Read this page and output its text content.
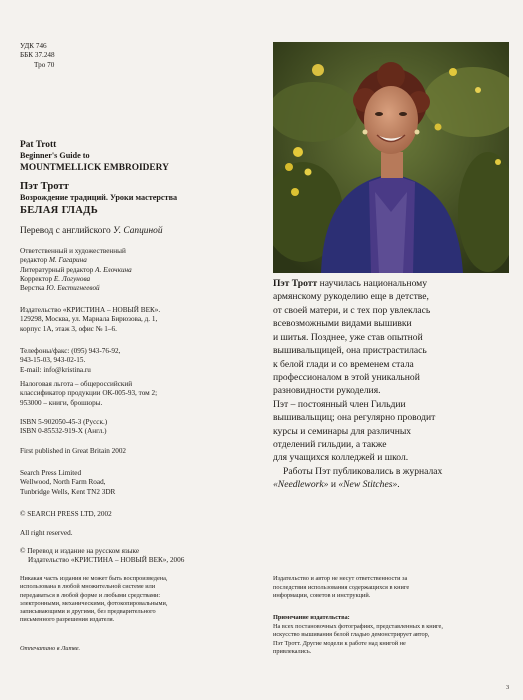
УДК 746
ББК 37.248
Тро 70
Pat Trott
Beginner's Guide to
MOUNTMELLICK EMBROIDERY
Пэт Тротт
Возрождение традиций. Уроки мастерства
БЕЛАЯ ГЛАДЬ
Перевод с английского У. Сапциной
Ответственный и художественный
редактор М. Гагарина
Литературный редактор А. Елочкина
Корректор Е. Логунова
Верстка Ю. Евстигнеевой
Издательство «КРИСТИНА – НОВЫЙ ВЕК».
129298, Москва, ул. Мариала Бирюзова, д. 1,
корпус 1А, этаж 3, офис № 1–6.
Телефоны/факс: (095) 943-76-92,
943-15-03, 943-02-15.
E-mail: info@kristina.ru
Налоговая льгота – общероссийский
классификатор продукции ОК-005-93, том 2;
953000 – книги, брошюры.
ISBN 5-902050-45-3 (Русск.)
ISBN 0-85532-919-X (Англ.)
First published in Great Britain 2002
Search Press Limited
Wellwood, North Farm Road,
Tunbridge Wells, Kent TN2 3DR
© SEARCH PRESS LTD, 2002
All right reserved.
© Перевод и издание на русском языке
Издательство «КРИСТИНА – НОВЫЙ ВЕК», 2006
Никакая часть издания не может быть воспроизведена,
использована в любой множительной системе или
передаваться в любой форме и любыми средствами:
электронными, механическими, фотокопировальными,
записывающими и другими, без предварительного
письменного разрешения издателя.
Отпечатано в Литве.
Пэт Тротт научилась национальному
армянскому рукоделию еще в детстве,
от своей матери, и с тех пор увлеклась
всевозможными видами вышивки
и шитья. Позднее, уже став опытной
вышивальщицей, она пристрастилась
к белой глади и со временем стала
профессионалом в этой уникальной
разновидности рукоделия.
Пэт – постоянный член Гильдии
вышивальщиц; она регулярно проводит
курсы и семинары для различных
отделений гильдии, а также
для учащихся колледжей и школ.
Работы Пэт публиковались в журналах
«Needlework» и «New Stitches».
Издательство и автор не несут ответственности за
последствия использования содержащихся в книге
информации, советов и инструкций.
Примечание издательства:
На всех постановочных фотографиях, представленных в книге,
искусство вышивания белой гладью демонстрирует автор,
Пэт Тротт. Другие модели к работе над книгой не
привлекались.
3
